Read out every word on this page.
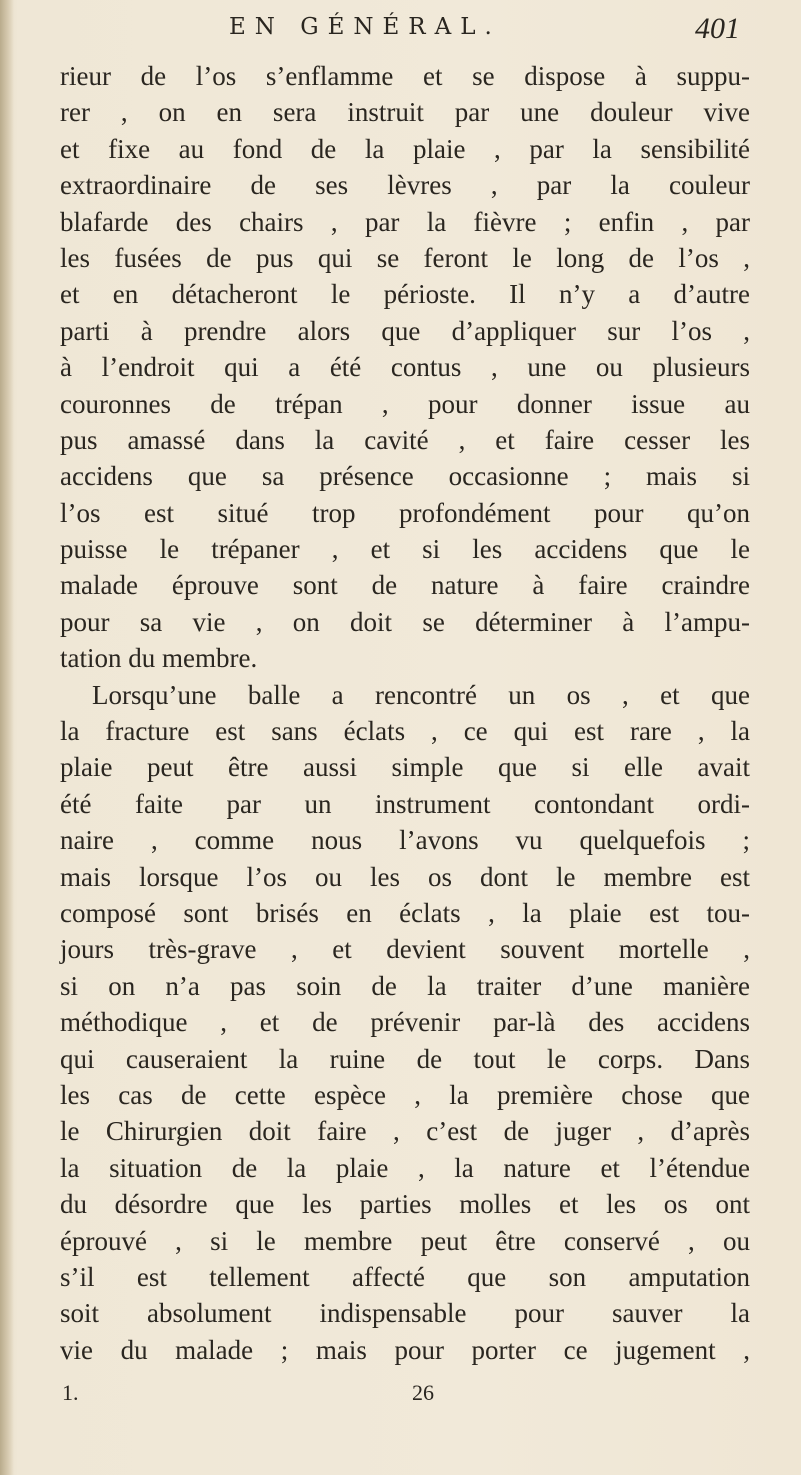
EN GÉNÉRAL.	401
rieur de l’os s’enflamme et se dispose à suppu-
rer , on en sera instruit par une douleur vive
et fixe au fond de la plaie , par la sensibilité
extraordinaire de ses lèvres , par la couleur
blafarde des chairs , par la fièvre ; enfin , par
les fusées de pus qui se feront le long de l’os ,
et en détacheront le périoste. Il n’y a d’autre
parti à prendre alors que d’appliquer sur l’os ,
à l’endroit qui a été contus , une ou plusieurs
couronnes de trépan , pour donner issue au
pus amassé dans la cavité , et faire cesser les
accidens que sa présence occasionne ; mais si
l’os est situé trop profondément pour qu’on
puisse le trépaner , et si les accidens que le
malade éprouve sont de nature à faire craindre
pour sa vie , on doit se déterminer à l’ampu-
tation du membre.
Lorsqu’une balle a rencontré un os , et que
la fracture est sans éclats , ce qui est rare , la
plaie peut être aussi simple que si elle avait
été faite par un instrument contondant ordi-
naire , comme nous l’avons vu quelquefois ;
mais lorsque l’os ou les os dont le membre est
composé sont brisés en éclats , la plaie est tou-
jours très-grave , et devient souvent mortelle ,
si on n’a pas soin de la traiter d’une manière
méthodique , et de prévenir par-là des accidens
qui causeraient la ruine de tout le corps. Dans
les cas de cette espèce , la première chose que
le Chirurgien doit faire , c’est de juger , d’après
la situation de la plaie , la nature et l’étendue
du désordre que les parties molles et les os ont
éprouvé , si le membre peut être conservé , ou
s’il est tellement affecté que son amputation
soit absolument indispensable pour sauver la
vie du malade ; mais pour porter ce jugement ,
1.	26
